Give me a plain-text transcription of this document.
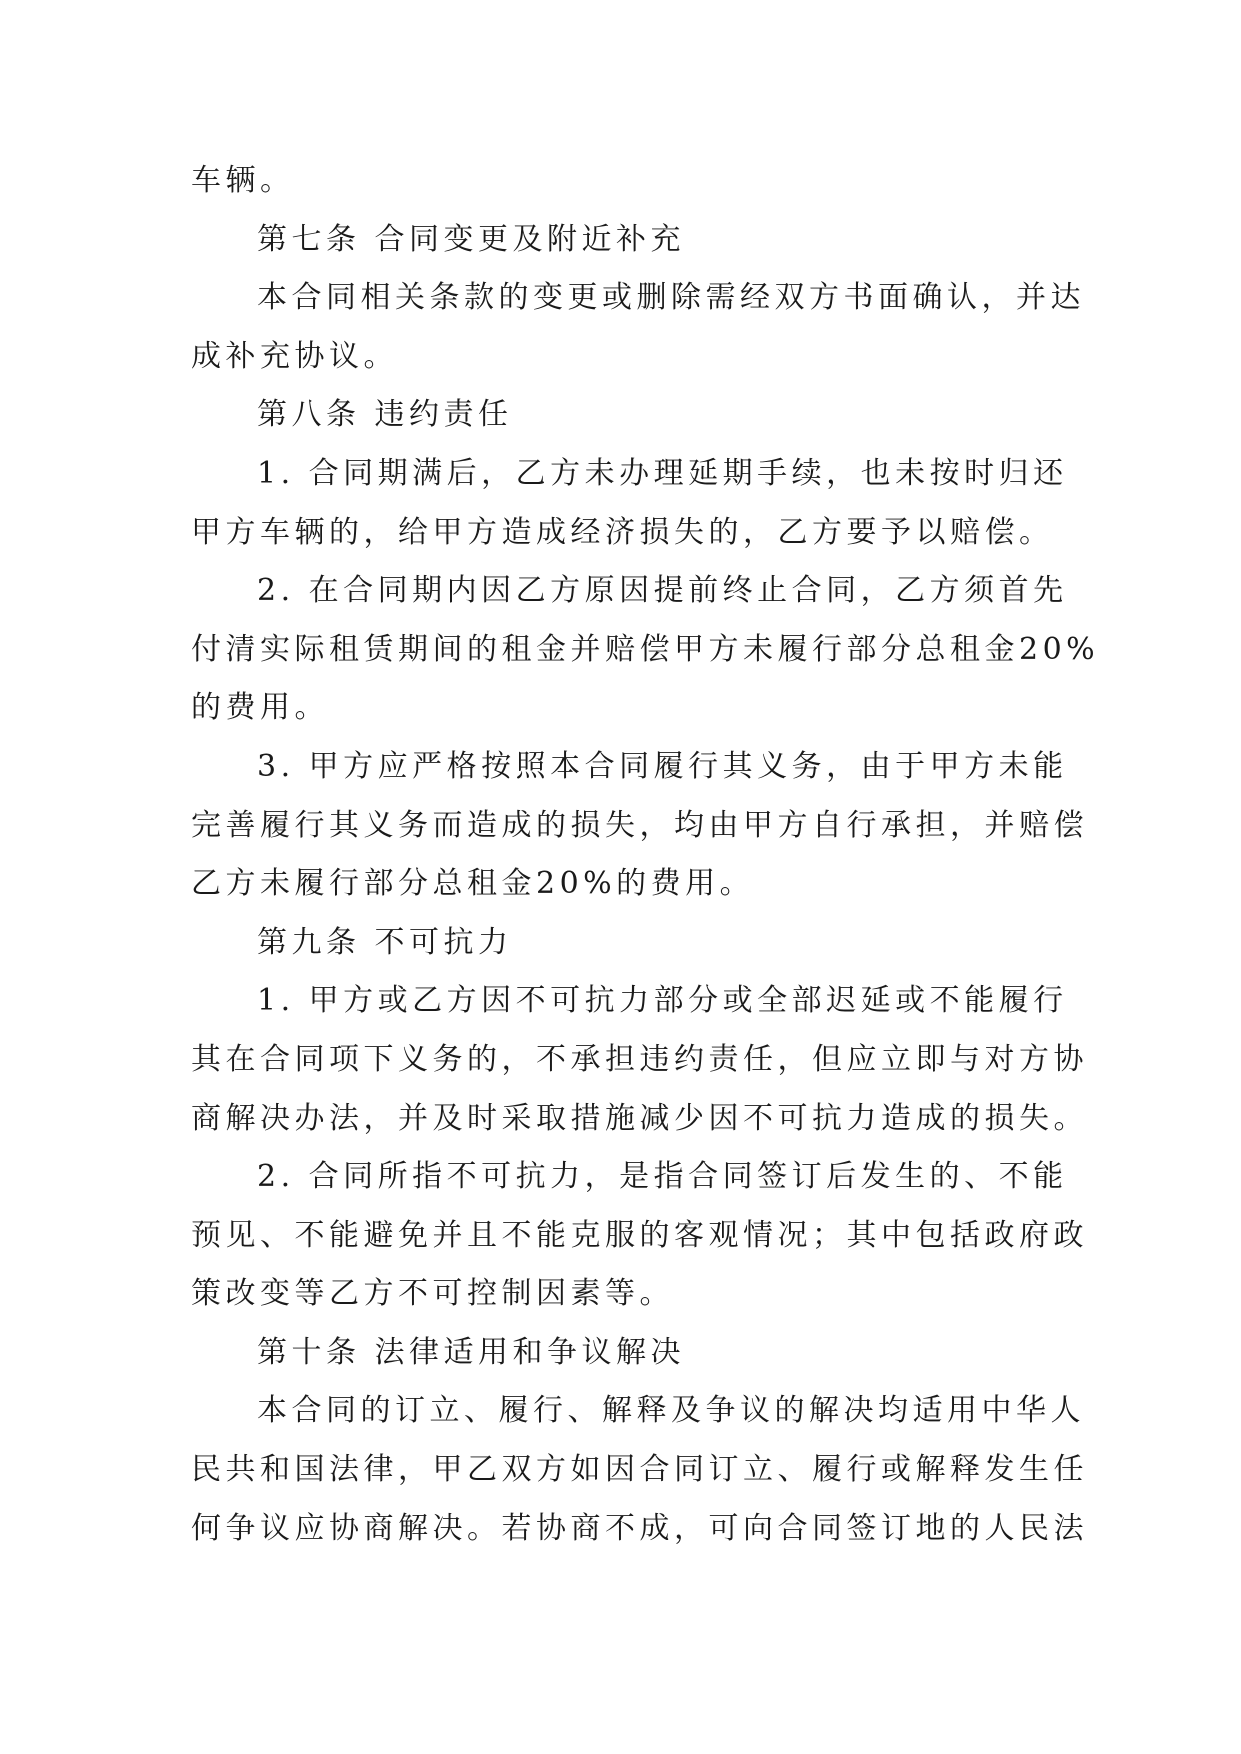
车辆。
第七条 合同变更及附近补充
本合同相关条款的变更或删除需经双方书面确认，并达
成补充协议。
第八条 违约责任
1. 合同期满后，乙方未办理延期手续，也未按时归还
甲方车辆的，给甲方造成经济损失的，乙方要予以赔偿。
2. 在合同期内因乙方原因提前终止合同，乙方须首先
付清实际租赁期间的租金并赔偿甲方未履行部分总租金20%
的费用。
3. 甲方应严格按照本合同履行其义务，由于甲方未能
完善履行其义务而造成的损失，均由甲方自行承担，并赔偿
乙方未履行部分总租金20%的费用。
第九条 不可抗力
1. 甲方或乙方因不可抗力部分或全部迟延或不能履行
其在合同项下义务的，不承担违约责任，但应立即与对方协
商解决办法，并及时采取措施减少因不可抗力造成的损失。
2. 合同所指不可抗力，是指合同签订后发生的、不能
预见、不能避免并且不能克服的客观情况；其中包括政府政
策改变等乙方不可控制因素等。
第十条 法律适用和争议解决
本合同的订立、履行、解释及争议的解决均适用中华人
民共和国法律，甲乙双方如因合同订立、履行或解释发生任
何争议应协商解决。若协商不成，可向合同签订地的人民法
